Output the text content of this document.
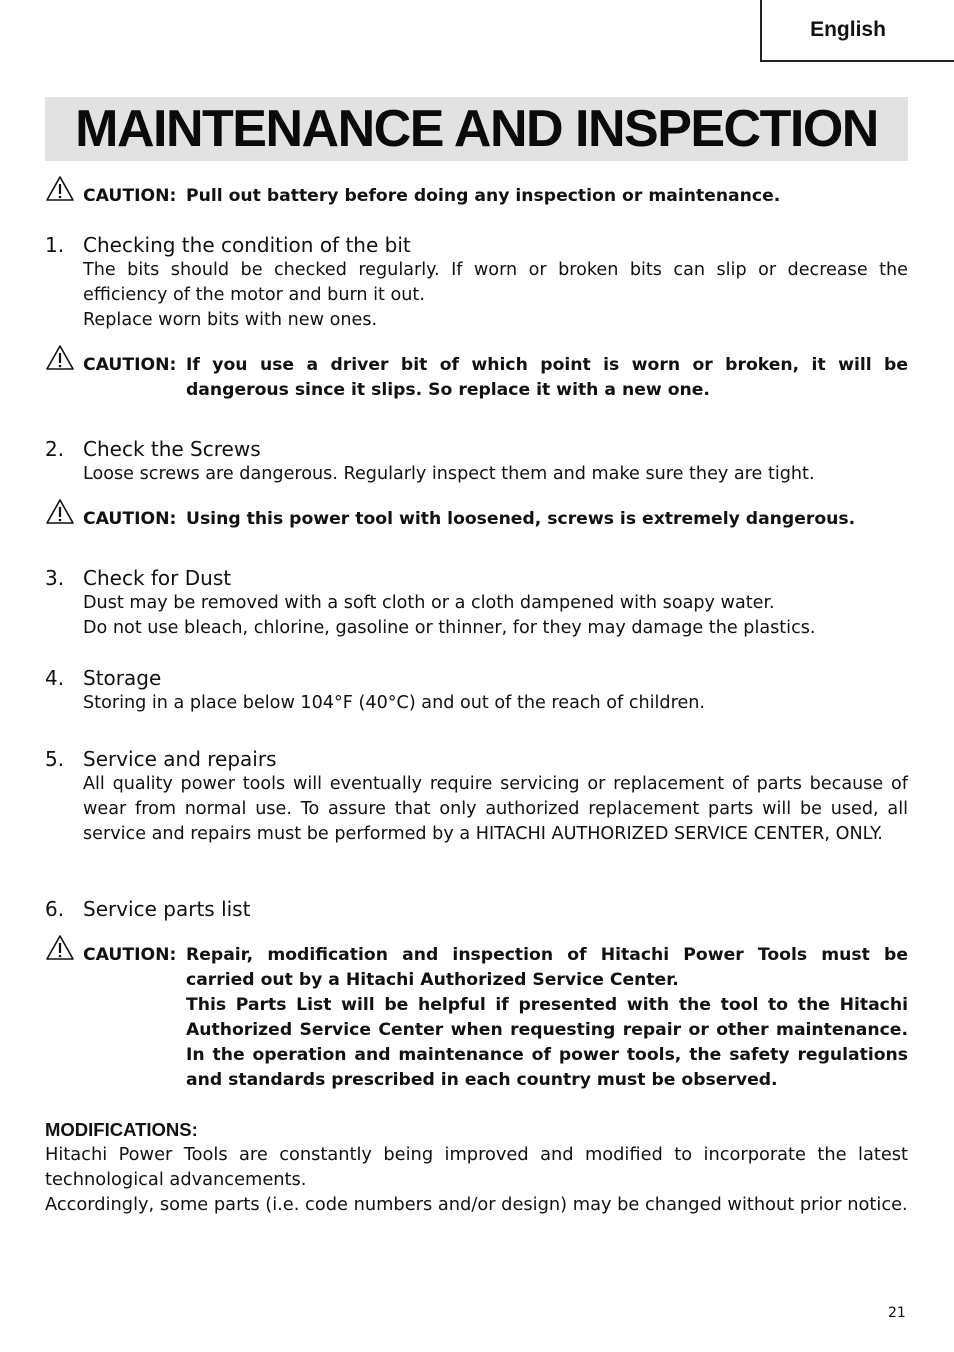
English
MAINTENANCE AND INSPECTION
CAUTION: Pull out battery before doing any inspection or maintenance.

1. Checking the condition of the bit

The bits should be checked regularly. If worn or broken bits can slip or decrease the efficiency of the motor and burn it out.

Replace worn bits with new ones.

CAUTION: If you use a driver bit of which point is worn or broken, it will be dangerous since it slips. So replace it with a new one.

2. Check the Screws

Loose screws are dangerous. Regularly inspect them and make sure they are tight.

CAUTION: Using this power tool with loosened, screws is extremely dangerous.

3. Check for Dust

Dust may be removed with a soft cloth or a cloth dampened with soapy water.

Do not use bleach, chlorine, gasoline or thinner, for they may damage the plastics.

4. Storage

Storing in a place below 104°F (40°C) and out of the reach of children.

5. Service and repairs

All quality power tools will eventually require servicing or replacement of parts because of wear from normal use. To assure that only authorized replacement parts will be used, all service and repairs must be performed by a HITACHI AUTHORIZED SERVICE CENTER, ONLY.

6. Service parts list
CAUTION: Repair, modification and inspection of Hitachi Power Tools must be carried out by a Hitachi Authorized Service Center.

This Parts List will be helpful if presented with the tool to the Hitachi Authorized Service Center when requesting repair or other maintenance. In the operation and maintenance of power tools, the safety regulations and standards prescribed in each country must be observed.

MODIFICATIONS:

Hitachi Power Tools are constantly being improved and modified to incorporate the latest technological advancements.

Accordingly, some parts (i.e. code numbers and/or design) may be changed without prior notice.

21
